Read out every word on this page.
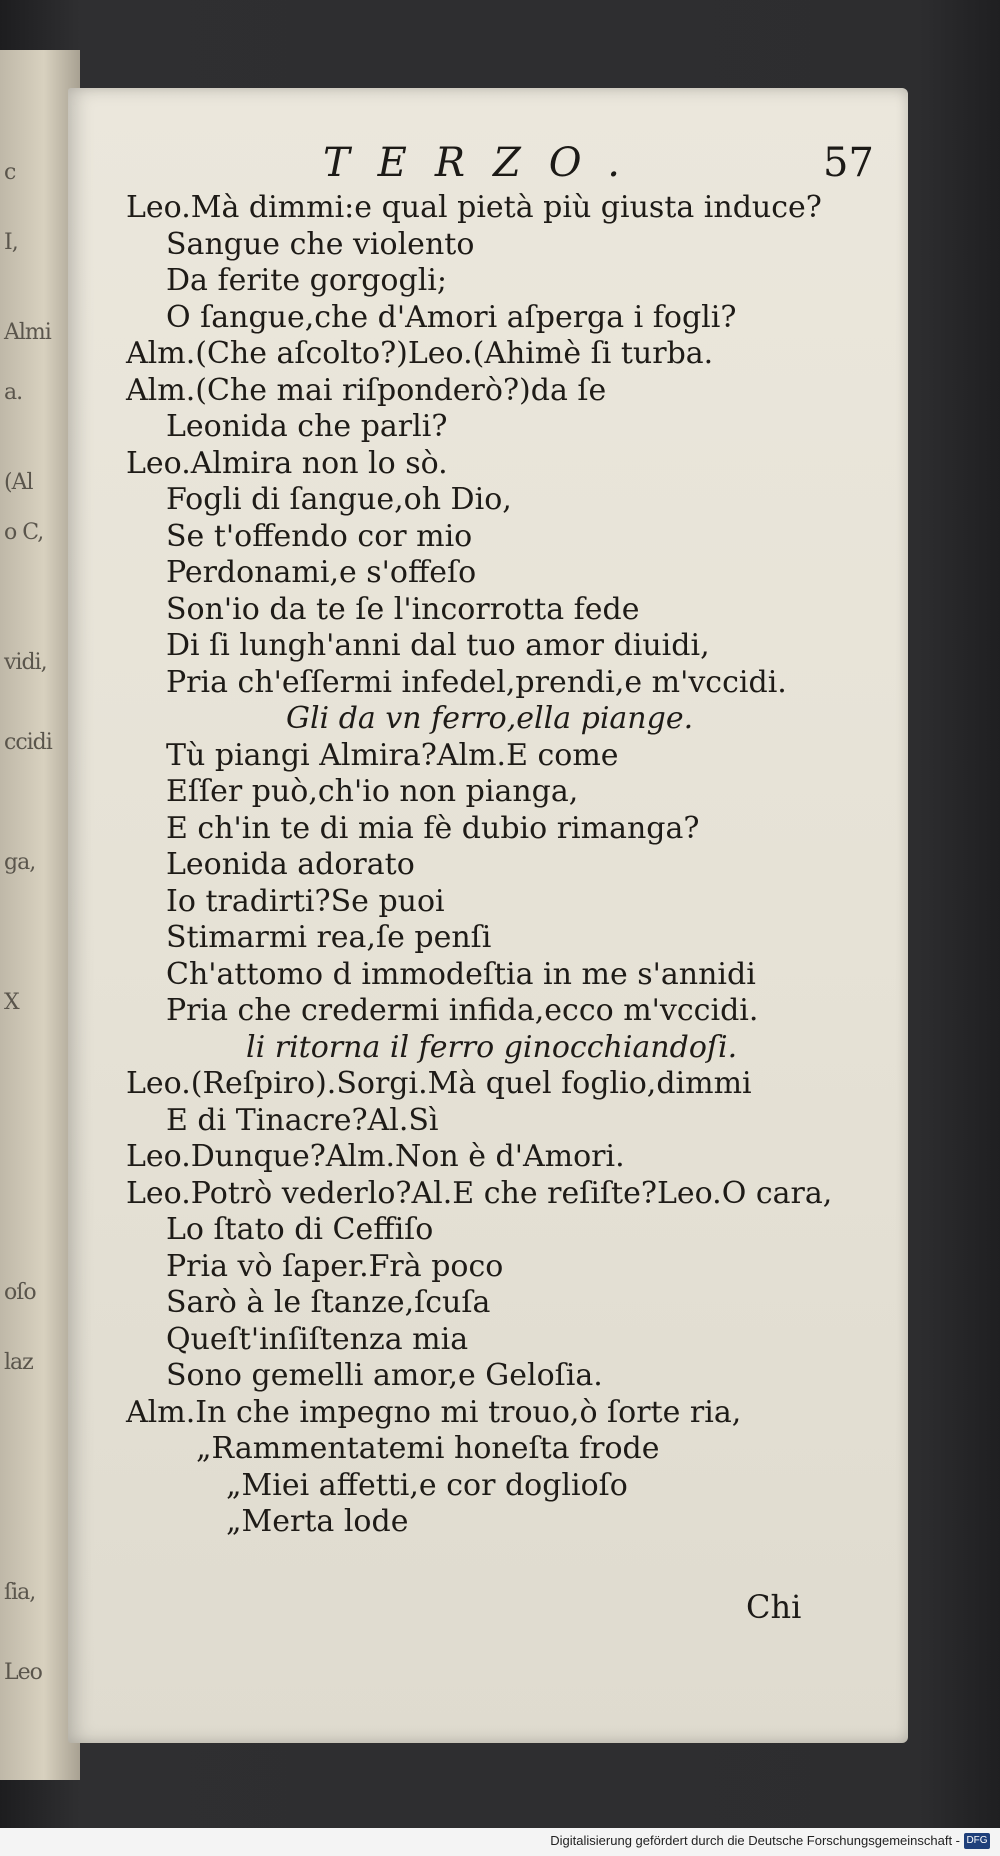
c
I,
Almi
a.
(Al
o C,
vidi,
ccidi
ga,
X
oſo
laz
ſia,
Leo
TERZO.	57
Leo.Mà dimmi:e qual pietà più giusta induce?
Sangue che violento
Da ferite gorgogli;
O ſangue,che d'Amori aſperga i fogli?
Alm.(Che aſcolto?)Leo.(Ahimè ſi turba.
Alm.(Che mai riſponderò?)da ſe
Leonida che parli?
Leo.Almira non lo sò.
Fogli di ſangue,oh Dio,
Se t'offendo cor mio
Perdonami,e s'offeſo
Son'io da te ſe l'incorrotta fede
Di ſi lungh'anni dal tuo amor diuidi,
Pria ch'eſſermi infedel,prendi,e m'vccidi.
Gli da vn ferro,ella piange.
Tù piangi Almira?Alm.E come
Eſſer può,ch'io non pianga,
E ch'in te di mia fè dubio rimanga?
Leonida adorato
Io tradirti?Se puoi
Stimarmi rea,ſe penſi
Ch'attomo d immodeſtia in me s'annidi
Pria che credermi infida,ecco m'vccidi.
li ritorna il ferro ginocchiandoſi.
Leo.(Reſpiro).Sorgi.Mà quel foglio,dimmi
E di Tinacre?Al.Sì
Leo.Dunque?Alm.Non è d'Amori.
Leo.Potrò vederlo?Al.E che reſiſte?Leo.O cara,
Lo ſtato di Ceffiſo
Pria vò ſaper.Frà poco
Sarò à le ſtanze,ſcuſa
Queſt'inſiſtenza mia
Sono gemelli amor,e Geloſia.
Alm.In che impegno mi trouo,ò ſorte ria,
„Rammentatemi honeſta frode
„Miei affetti,e cor doglioſo
„Merta lode
Chi
Digitalisierung gefördert durch die Deutsche Forschungsgemeinschaft - DFG
